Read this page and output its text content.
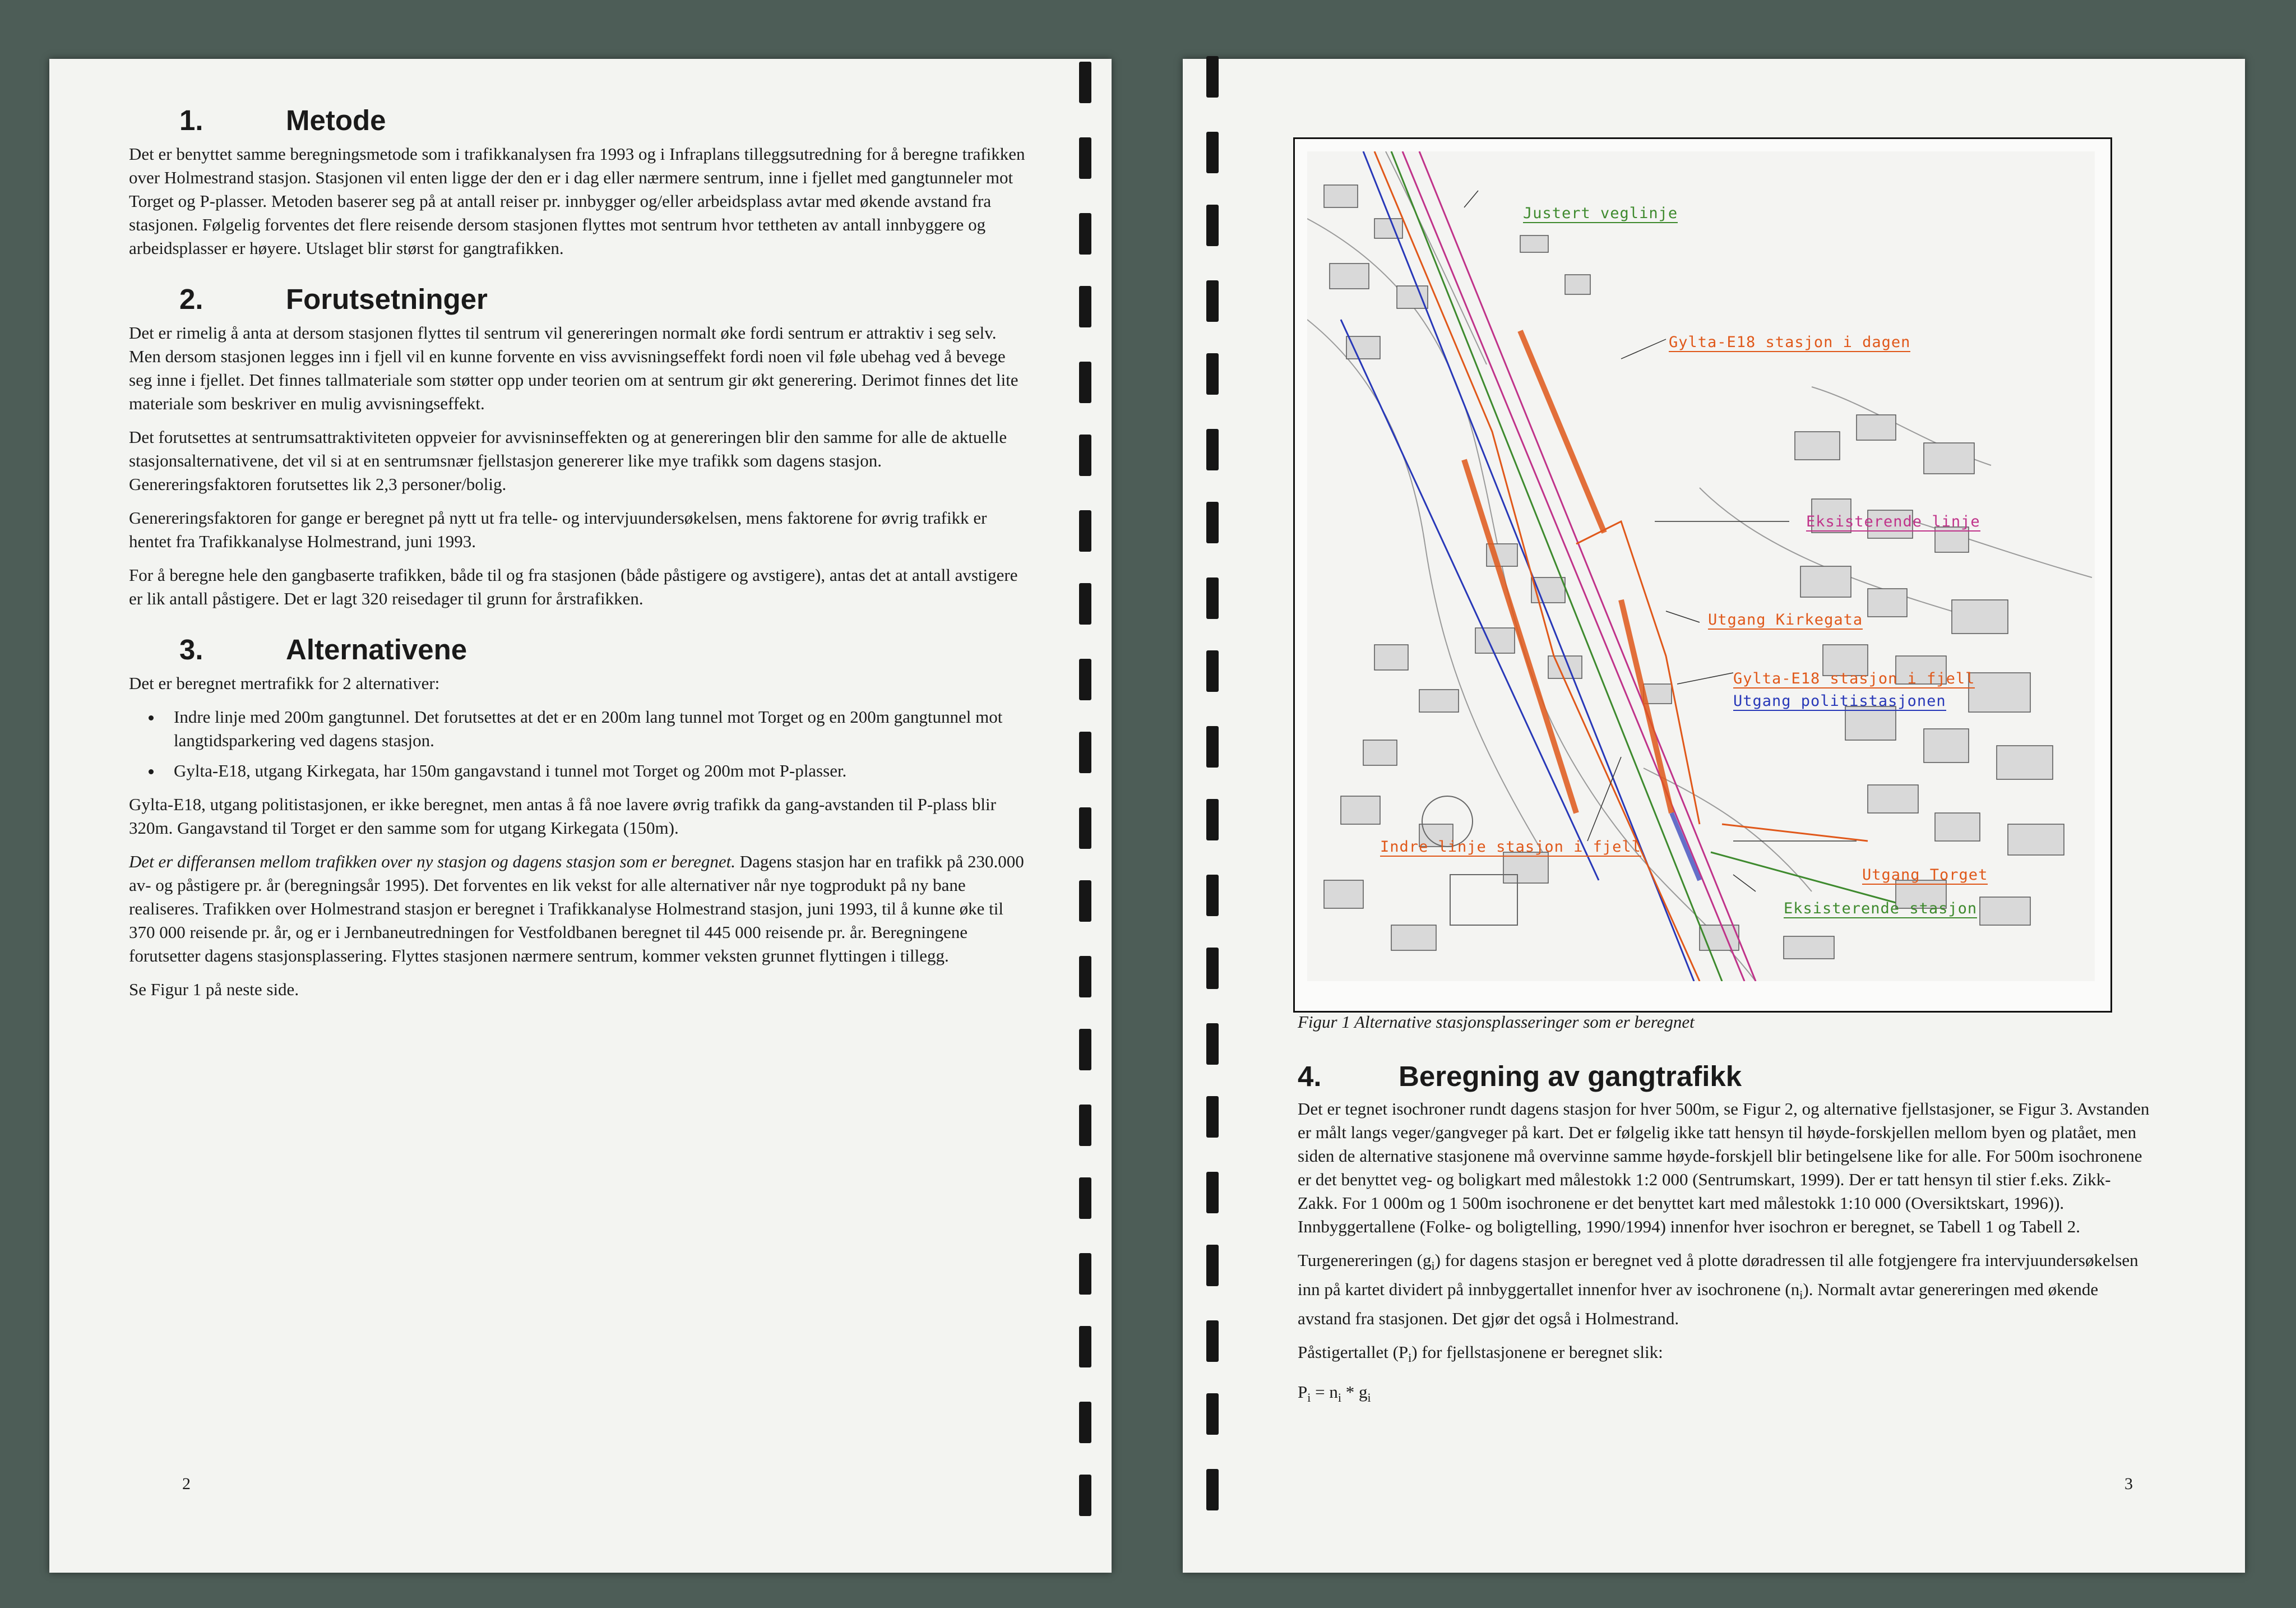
1.	Metode

Det er benyttet samme beregningsmetode som i trafikkanalysen fra 1993 og i Infraplans tilleggsutredning for å beregne trafikken over Holmestrand stasjon. Stasjonen vil enten ligge der den er i dag eller nærmere sentrum, inne i fjellet med gangtunneler mot Torget og P-plasser. Metoden baserer seg på at antall reiser pr. innbygger og/eller arbeidsplass avtar med økende avstand fra stasjonen. Følgelig forventes det flere reisende dersom stasjonen flyttes mot sentrum hvor tettheten av antall innbyggere og arbeidsplasser er høyere. Utslaget blir størst for gangtrafikken.

2.	Forutsetninger

Det er rimelig å anta at dersom stasjonen flyttes til sentrum vil genereringen normalt øke fordi sentrum er attraktiv i seg selv. Men dersom stasjonen legges inn i fjell vil en kunne forvente en viss avvisningseffekt fordi noen vil føle ubehag ved å bevege seg inne i fjellet. Det finnes tallmateriale som støtter opp under teorien om at sentrum gir økt generering. Derimot finnes det lite materiale som beskriver en mulig avvisningseffekt.

Det forutsettes at sentrumsattraktiviteten oppveier for avvisninseffekten og at genereringen blir den samme for alle de aktuelle stasjonsalternativene, det vil si at en sentrumsnær fjellstasjon genererer like mye trafikk som dagens stasjon. Genereringsfaktoren forutsettes lik 2,3 personer/bolig.

Genereringsfaktoren for gange er beregnet på nytt ut fra telle- og intervjuundersøkelsen, mens faktorene for øvrig trafikk er hentet fra Trafikkanalyse Holmestrand, juni 1993.

For å beregne hele den gangbaserte trafikken, både til og fra stasjonen (både påstigere og avstigere), antas det at antall avstigere er lik antall påstigere. Det er lagt 320 reisedager til grunn for årstrafikken.

3.	Alternativene

Det er beregnet mertrafikk for 2 alternativer:

• Indre linje med 200m gangtunnel. Det forutsettes at det er en 200m lang tunnel mot Torget og en 200m gangtunnel mot langtidsparkering ved dagens stasjon.
• Gylta-E18, utgang Kirkegata, har 150m gangavstand i tunnel mot Torget og 200m mot P-plasser.

Gylta-E18, utgang politistasjonen, er ikke beregnet, men antas å få noe lavere øvrig trafikk da gang-avstanden til P-plass blir 320m. Gangavstand til Torget er den samme som for utgang Kirkegata (150m).

Det er differansen mellom trafikken over ny stasjon og dagens stasjon som er beregnet. Dagens stasjon har en trafikk på 230.000 av- og påstigere pr. år (beregningsår 1995). Det forventes en lik vekst for alle alternativer når nye togprodukt på ny bane realiseres. Trafikken over Holmestrand stasjon er beregnet i Trafikkanalyse Holmestrand stasjon, juni 1993, til å kunne øke til 370 000 reisende pr. år, og er i Jernbaneutredningen for Vestfoldbanen beregnet til 445 000 reisende pr. år. Beregningene forutsetter dagens stasjonsplassering. Flyttes stasjonen nærmere sentrum, kommer veksten grunnet flyttingen i tillegg.

Se Figur 1 på neste side.

2
Justert veglinje
Gylta-E18 stasjon i dagen
Eksisterende linje
Utgang Kirkegata
Gylta-E18 stasjon i fjell
Utgang politistasjonen
Indre linje stasjon i fjell
Utgang Torget
Eksisterende stasjon
Figur 1 Alternative stasjonsplasseringer som er beregnet
4.	Beregning av gangtrafikk

Det er tegnet isochroner rundt dagens stasjon for hver 500m, se Figur 2, og alternative fjellstasjoner, se Figur 3. Avstanden er målt langs veger/gangveger på kart. Det er følgelig ikke tatt hensyn til høyde-forskjellen mellom byen og platået, men siden de alternative stasjonene må overvinne samme høyde-forskjell blir betingelsene like for alle. For 500m isochronene er det benyttet veg- og boligkart med målestokk 1:2 000 (Sentrumskart, 1999). Der er tatt hensyn til stier f.eks. Zikk-Zakk. For 1 000m og 1 500m isochronene er det benyttet kart med målestokk 1:10 000 (Oversiktskart, 1996)). Innbyggertallene (Folke- og boligtelling, 1990/1994) innenfor hver isochron er beregnet, se Tabell 1 og Tabell 2.

Turgenereringen $(g_i)$ for dagens stasjon er beregnet ved å plotte døradressen til alle fotgjengere fra intervjuundersøkelsen inn på kartet dividert på innbyggertallet innenfor hver av isochronene $(n_i)$. Normalt avtar genereringen med økende avstand fra stasjonen. Det gjør det også i Holmestrand.

Påstigertallet $(P_i)$ for fjellstasjonene er beregnet slik:

$P_i = n_i * g_i$

3
